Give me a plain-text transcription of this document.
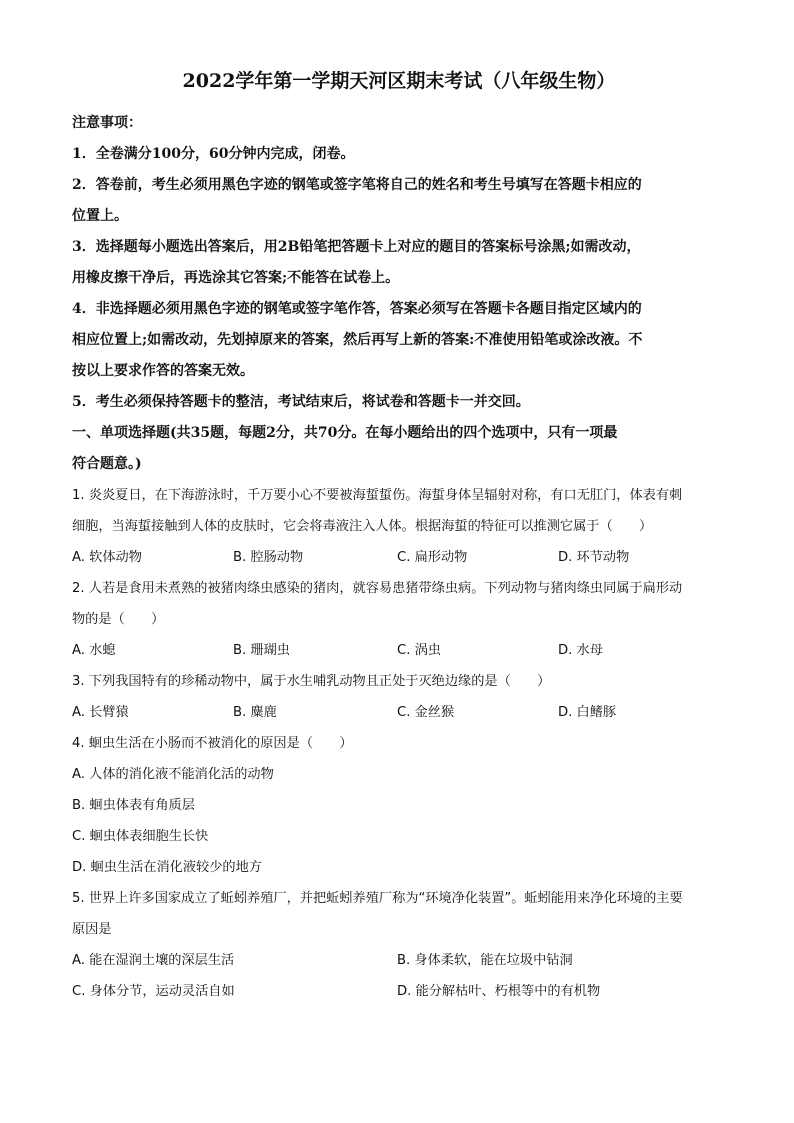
2022学年第一学期天河区期末考试（八年级生物）
注意事项：
1．全卷满分100分，60分钟内完成，闭卷。
2．答卷前，考生必须用黑色字迹的钢笔或签字笔将自己的姓名和考生号填写在答题卡相应的
位置上。
3．选择题每小题选出答案后，用2B铅笔把答题卡上对应的题目的答案标号涂黑;如需改动，
用橡皮擦干净后，再选涂其它答案;不能答在试卷上。
4．非选择题必须用黑色字迹的钢笔或签字笔作答，答案必须写在答题卡各题目指定区域内的
相应位置上;如需改动，先划掉原来的答案，然后再写上新的答案:不准使用铅笔或涂改液。不
按以上要求作答的答案无效。
5．考生必须保持答题卡的整洁，考试结束后，将试卷和答题卡一并交回。
一、单项选择题(共35题，每题2分，共70分。在每小题给出的四个选项中，只有一项最
符合题意。)
1. 炎炎夏日，在下海游泳时，千万要小心不要被海蜇蜇伤。海蜇身体呈辐射对称，有口无肛门，体表有刺
细胞，当海蜇接触到人体的皮肤时，它会将毒液注入人体。根据海蜇的特征可以推测它属于（　　）
A. 软体动物	B. 腔肠动物	C. 扁形动物	D. 环节动物
2. 人若是食用未煮熟的被猪肉绦虫感染的猪肉，就容易患猪带绦虫病。下列动物与猪肉绦虫同属于扁形动
物的是（　　）
A. 水螅	B. 珊瑚虫	C. 涡虫	D. 水母
3. 下列我国特有的珍稀动物中，属于水生哺乳动物且正处于灭绝边缘的是（　　）
A. 长臂猿	B. 麋鹿	C. 金丝猴	D. 白鳍豚
4. 蛔虫生活在小肠而不被消化的原因是（　　）
A. 人体的消化液不能消化活的动物
B. 蛔虫体表有角质层
C. 蛔虫体表细胞生长快
D. 蛔虫生活在消化液较少的地方
5. 世界上许多国家成立了蚯蚓养殖厂，并把蚯蚓养殖厂称为“环境净化装置”。蚯蚓能用来净化环境的主要
原因是
A. 能在湿润土壤的深层生活	B. 身体柔软，能在垃圾中钻洞
C. 身体分节，运动灵活自如	D. 能分解枯叶、朽根等中的有机物
